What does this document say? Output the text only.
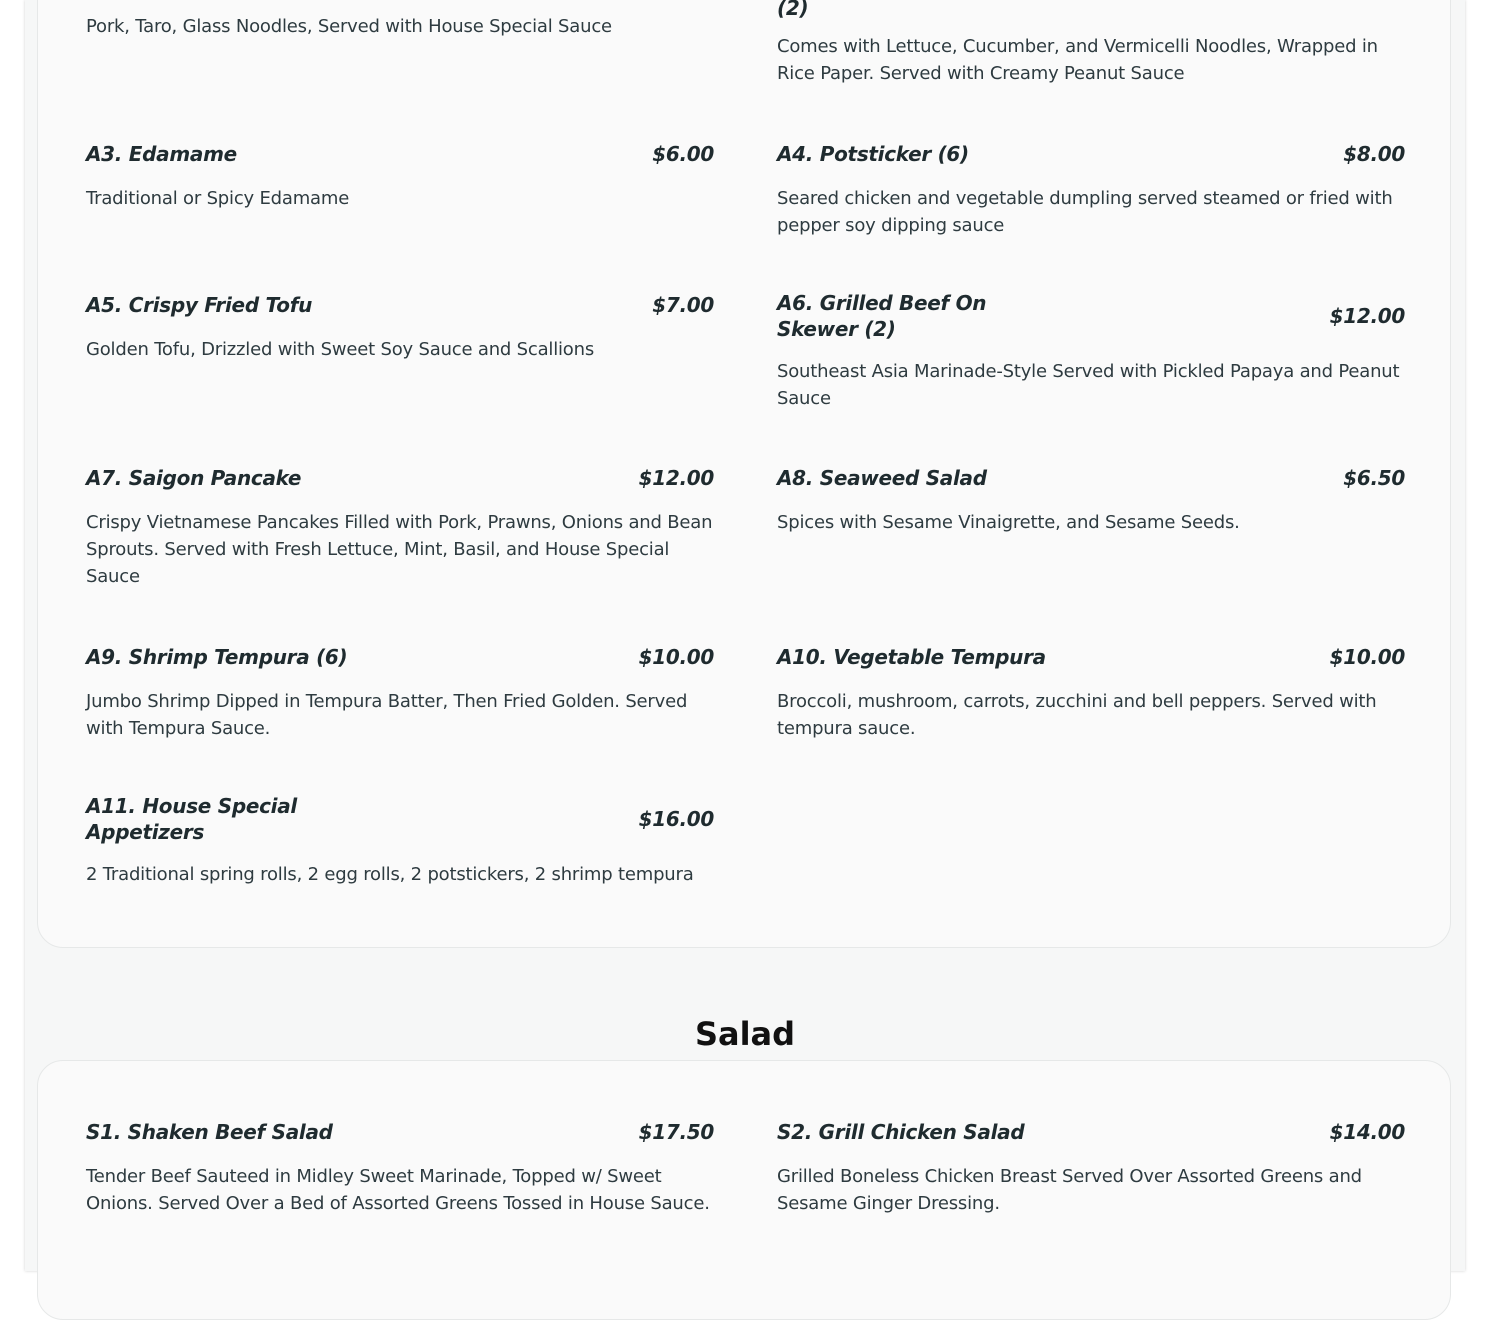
Pork, Taro, Glass Noodles, Served with House Special Sauce
(2)
Comes with Lettuce, Cucumber, and Vermicelli Noodles, Wrapped in Rice Paper. Served with Creamy Peanut Sauce
$6.00
A3. Edamame
Traditional or Spicy Edamame
$8.00
A4. Potsticker (6)
Seared chicken and vegetable dumpling served steamed or fried with pepper soy dipping sauce
$7.00
A5. Crispy Fried Tofu
Golden Tofu, Drizzled with Sweet Soy Sauce and Scallions
$12.00
A6. Grilled Beef On Skewer (2)
Southeast Asia Marinade-Style Served with Pickled Papaya and Peanut Sauce
$12.00
A7. Saigon Pancake
Crispy Vietnamese Pancakes Filled with Pork, Prawns, Onions and Bean Sprouts. Served with Fresh Lettuce, Mint, Basil, and House Special Sauce
$6.50
A8. Seaweed Salad
Spices with Sesame Vinaigrette, and Sesame Seeds.
$10.00
A9. Shrimp Tempura (6)
Jumbo Shrimp Dipped in Tempura Batter, Then Fried Golden. Served with Tempura Sauce.
$10.00
A10. Vegetable Tempura
Broccoli, mushroom, carrots, zucchini and bell peppers. Served with tempura sauce.
$16.00
A11. House Special Appetizers
2 Traditional spring rolls, 2 egg rolls, 2 potstickers, 2 shrimp tempura
Salad
$17.50
S1. Shaken Beef Salad
Tender Beef Sauteed in Midley Sweet Marinade, Topped w/ Sweet Onions. Served Over a Bed of Assorted Greens Tossed in House Sauce.
$14.00
S2. Grill Chicken Salad
Grilled Boneless Chicken Breast Served Over Assorted Greens and Sesame Ginger Dressing.
